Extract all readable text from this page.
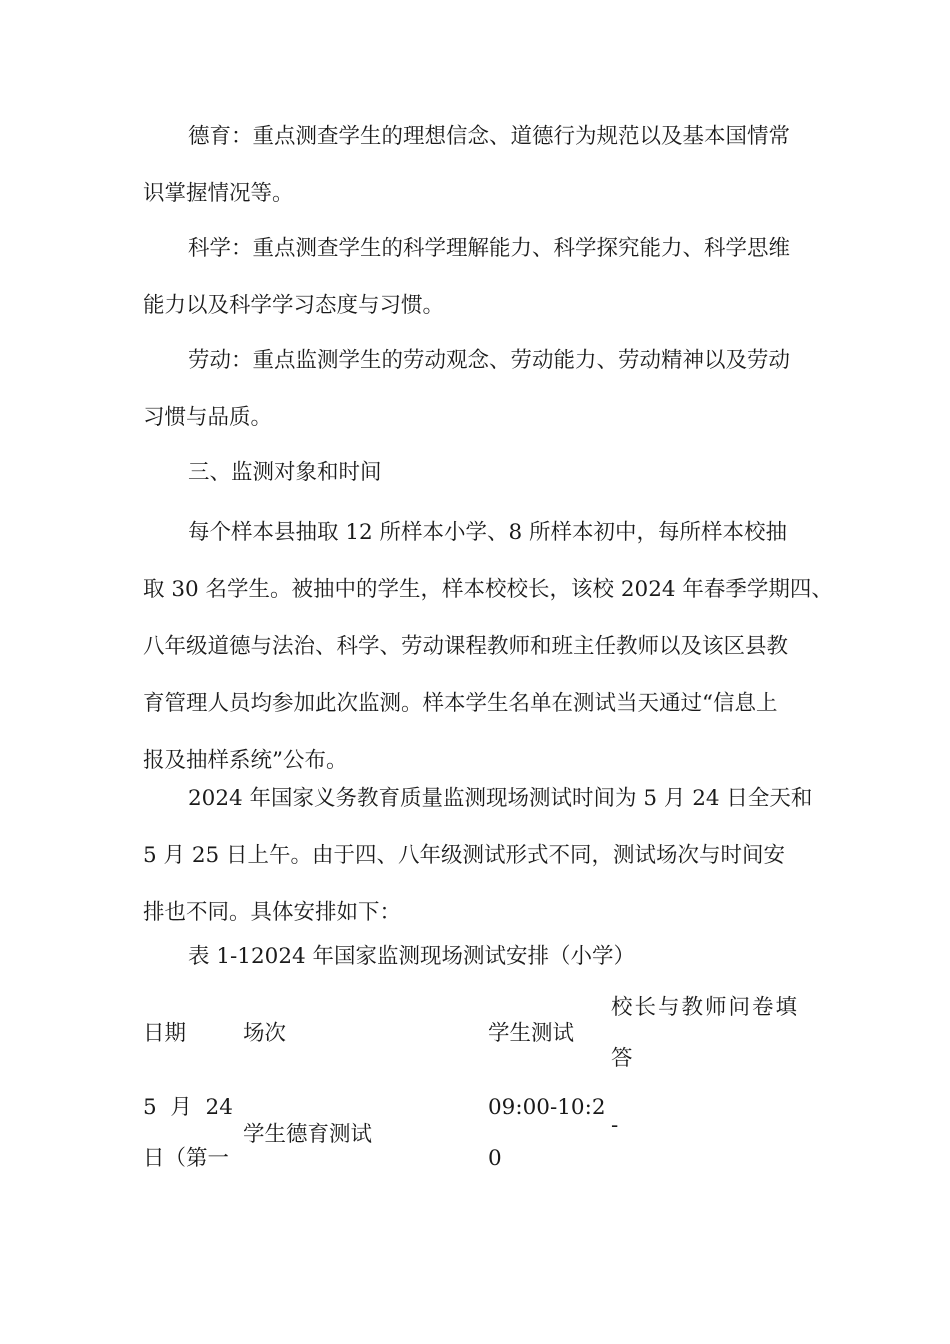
德育：重点测查学生的理想信念、道德行为规范以及基本国情常
识掌握情况等。

科学：重点测查学生的科学理解能力、科学探究能力、科学思维
能力以及科学学习态度与习惯。

劳动：重点监测学生的劳动观念、劳动能力、劳动精神以及劳动
习惯与品质。

三、监测对象和时间

每个样本县抽取 12 所样本小学、8 所样本初中，每所样本校抽
取 30 名学生。被抽中的学生，样本校校长，该校 2024 年春季学期四、
八年级道德与法治、科学、劳动课程教师和班主任教师以及该区县教
育管理人员均参加此次监测。样本学生名单在测试当天通过“信息上
报及抽样系统”公布。

2024 年国家义务教育质量监测现场测试时间为 5 月 24 日全天和
5 月 25 日上午。由于四、八年级测试形式不同，测试场次与时间安
排也不同。具体安排如下：

表 1-12024 年国家监测现场测试安排（小学）
日期	场次	学生测试
校长与教师问卷填
答
5  月  24
日（第一
学生德育测试
09:00-10:2
0
-
